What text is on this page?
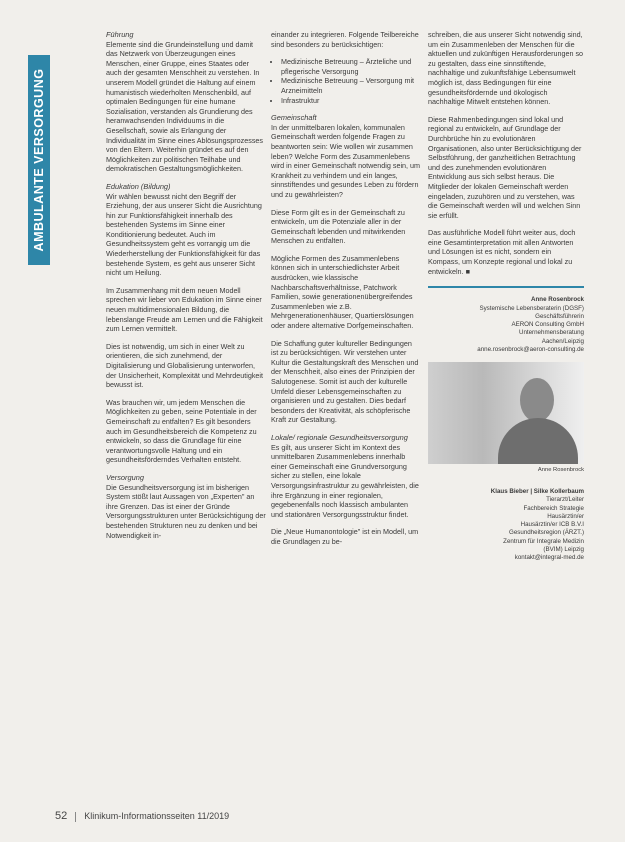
AMBULANTE VERSORGUNG
Führung

Elemente sind die Grundeinstellung und damit das Netzwerk von Überzeugungen eines Menschen, einer Gruppe, eines Staates oder auch der gesamten Menschheit zu verstehen. In unserem Modell gründet die Haltung auf einem humanistisch wiederholten Menschenbild, auf optimalen Bedingungen für eine humane Sozialisation, verstanden als Grundierung des heranwachsenden Individuums in die Gesellschaft, sowie als Erlangung der Individualität im Sinne eines Ablösungsprozesses von den Eltern. Weiterhin gründet es auf den Möglichkeiten zur politischen Teilhabe und demokratischen Gestaltungsmöglichkeiten.

Edukation (Bildung)

Wir wählen bewusst nicht den Begriff der Erziehung, der aus unserer Sicht die Ausrichtung hin zur Funktionsfähigkeit innerhalb des bestehenden Systems im Sinne einer Konditionierung bedeutet. Auch im Gesundheitssystem geht es vorrangig um die Wiederherstellung der Funktionsfähigkeit für das bestehende System, es geht aus unserer Sicht nicht um Heilung.

Im Zusammenhang mit dem neuen Modell sprechen wir lieber von Edukation im Sinne einer neuen multidimensionalen Bildung, die lebenslange Freude am Lernen und die Fähigkeit zum Lernen vermittelt.

Dies ist notwendig, um sich in einer Welt zu orientieren, die sich zunehmend, der Digitalisierung und Globalisierung unterworfen, der Unsicherheit, Komplexität und Mehrdeutigkeit bewusst ist.

Was brauchen wir, um jedem Menschen die Möglichkeiten zu geben, seine Potentiale in der Gemeinschaft zu entfalten? Es gilt besonders auch im Gesundheitsbereich die Kompetenz zu entwickeln, so dass die Grundlage für eine verantwortungsvolle Haltung und ein gesundheitsförderndes Verhalten entsteht.

Versorgung

Die Gesundheitsversorgung ist im bisherigen System stößt laut Aussagen von „Experten" an ihre Grenzen. Das ist einer der Gründe Versorgungsstrukturen unter Berücksichtigung der bestehenden Strukturen neu zu denken und bei Notwendigkeit in-

einander zu integrieren. Folgende Teilbereiche sind besonders zu berücksichtigen:

• Medizinische Betreuung – Ärzteliche und pflegerische Versorgung
• Medizinische Betreuung – Versorgung mit Arzneimitteln
• Infrastruktur
Gemeinschaft

In der unmittelbaren lokalen, kommunalen Gemeinschaft werden folgende Fragen zu beantworten sein: Wie wollen wir zusammen leben? Welche Form des Zusammenlebens wird in einer Gemeinschaft notwendig sein, um Krankheit zu verhindern und ein langes, sinnstiftendes und gesundes Leben zu fördern und zu gewährleisten?

Diese Form gilt es in der Gemeinschaft zu entwickeln, um die Potenziale aller in der Gemeinschaft lebenden und mitwirkenden Menschen zu entfalten.

Mögliche Formen des Zusammenlebens können sich in unterschiedlichster Arbeit ausdrücken, wie klassische Nachbarschaftsverhältnisse, Patchwork Familien, sowie generationenübergreifendes Zusammenleben wie z.B. Mehrgenerationenhäuser, Quartierslösungen oder andere alternative Dorfgemeinschaften.

Die Schaffung guter kultureller Bedingungen ist zu berücksichtigen. Wir verstehen unter Kultur die Gestaltungskraft des Menschen und der Menschheit, also eines der Prinzipien der Salutogenese. Somit ist auch der kulturelle Umfeld dieser Lebensgemeinschaften zu organisieren und zu gestalten. Dies bedarf besonders der Kreativität, als schöpferische Kraft zur Gestaltung.

Lokale/ regionale Gesundheitsversorgung

Es gilt, aus unserer Sicht im Kontext des unmittelbaren Zusammenlebens innerhalb einer Gemeinschaft eine Grundversorgung sicher zu stellen, eine lokale Versorgungsinfrastruktur zu gewährleisten, die ihre Ergänzung in einer regionalen, gegebenenfalls noch klassisch ambulanten und stationären Versorgungsstruktur findet.

Die „Neue Humanontologie" ist ein Modell, um die Grundlagen zu be-

schreiben, die aus unserer Sicht notwendig sind, um ein Zusammenleben der Menschen für die aktuellen und zukünftigen Herausforderungen so zu gestalten, dass eine sinnstiftende, nachhaltige und zukunftsfähige Lebensumwelt möglich ist, dass Bedingungen für eine gesundheitsfördernde und ökologisch nachhaltige Mitwelt entstehen können.

Diese Rahmenbedingungen sind lokal und regional zu entwickeln, auf Grundlage der Durchbrüche hin zu evolutionären Organisationen, also unter Berücksichtigung der Selbstführung, der ganzheitlichen Betrachtung und des zunehmenden evolutionären Entwicklung aus sich selbst heraus. Die Mitglieder der lokalen Gemeinschaft werden eingeladen, zuzuhören und zu verstehen, was die Gemeinschaft werden will und welchen Sinn sie erfüllt.

Das ausführliche Modell führt weiter aus, doch eine Gesamtinterpretation mit allen Antworten und Lösungen ist es nicht, sondern ein Kompass, um Konzepte regional und lokal zu entwickeln. ■

Anne Rosenbrock
Systemische Lebensberaterin (DGSF)
Geschäftsführerin
AERON Consulting GmbH
Unternehmensberatung
Aachen/Leipzig
anne.rosenbrock@aeron-consulting.de
Anne Rosenbrock
Klaus Bieber | Silke Kollerbaum
Tierarzt/Leiter
Fachbereich Strategie
Hausärztin/er
Hausärztin/er ICB B.V.I
Gesundheitsregion (ÄRZT.)
Zentrum für Integrale Medizin
(BVIM) Leipzig
kontakt@integral-med.de
52 Klinikum-Informationsseiten 11/2019
